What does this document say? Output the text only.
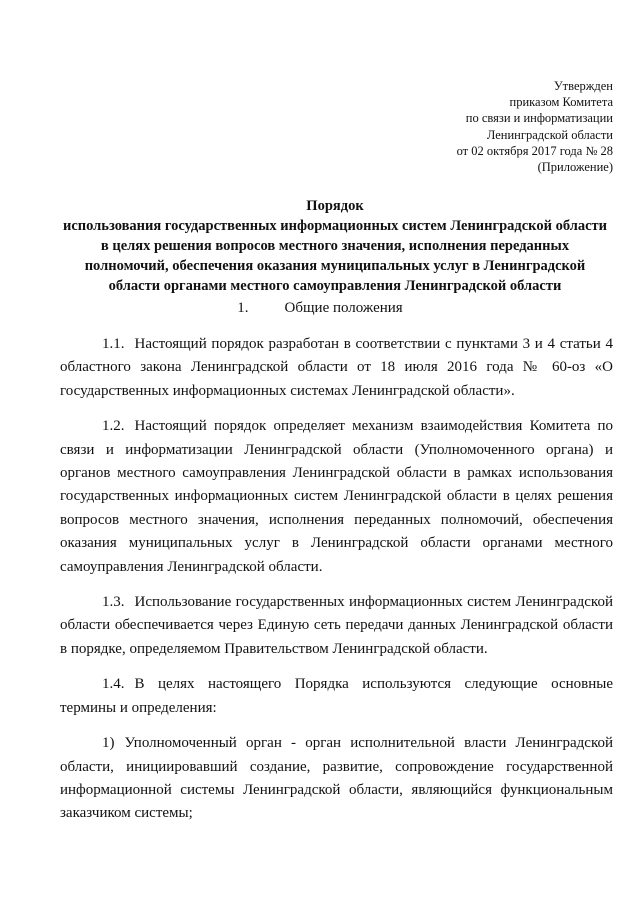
Утвержден
приказом Комитета
по связи и информатизации
Ленинградской области
от 02 октября 2017 года № 28
(Приложение)
Порядок
использования государственных информационных систем Ленинградской области в целях решения вопросов местного значения, исполнения переданных полномочий, обеспечения оказания муниципальных услуг в Ленинградской области органами местного самоуправления Ленинградской области
1. Общие положения

1.1. Настоящий порядок разработан в соответствии с пунктами 3 и 4 статьи 4 областного закона Ленинградской области от 18 июля 2016 года № 60-оз «О государственных информационных системах Ленинградской области».

1.2. Настоящий порядок определяет механизм взаимодействия Комитета по связи и информатизации Ленинградской области (Уполномоченного органа) и органов местного самоуправления Ленинградской области в рамках использования государственных информационных систем Ленинградской области в целях решения вопросов местного значения, исполнения переданных полномочий, обеспечения оказания муниципальных услуг в Ленинградской области органами местного самоуправления Ленинградской области.

1.3. Использование государственных информационных систем Ленинградской области обеспечивается через Единую сеть передачи данных Ленинградской области в порядке, определяемом Правительством Ленинградской области.

1.4. В целях настоящего Порядка используются следующие основные термины и определения:

1) Уполномоченный орган - орган исполнительной власти Ленинградской области, инициировавший создание, развитие, сопровождение государственной информационной системы Ленинградской области, являющийся функциональным заказчиком системы;
